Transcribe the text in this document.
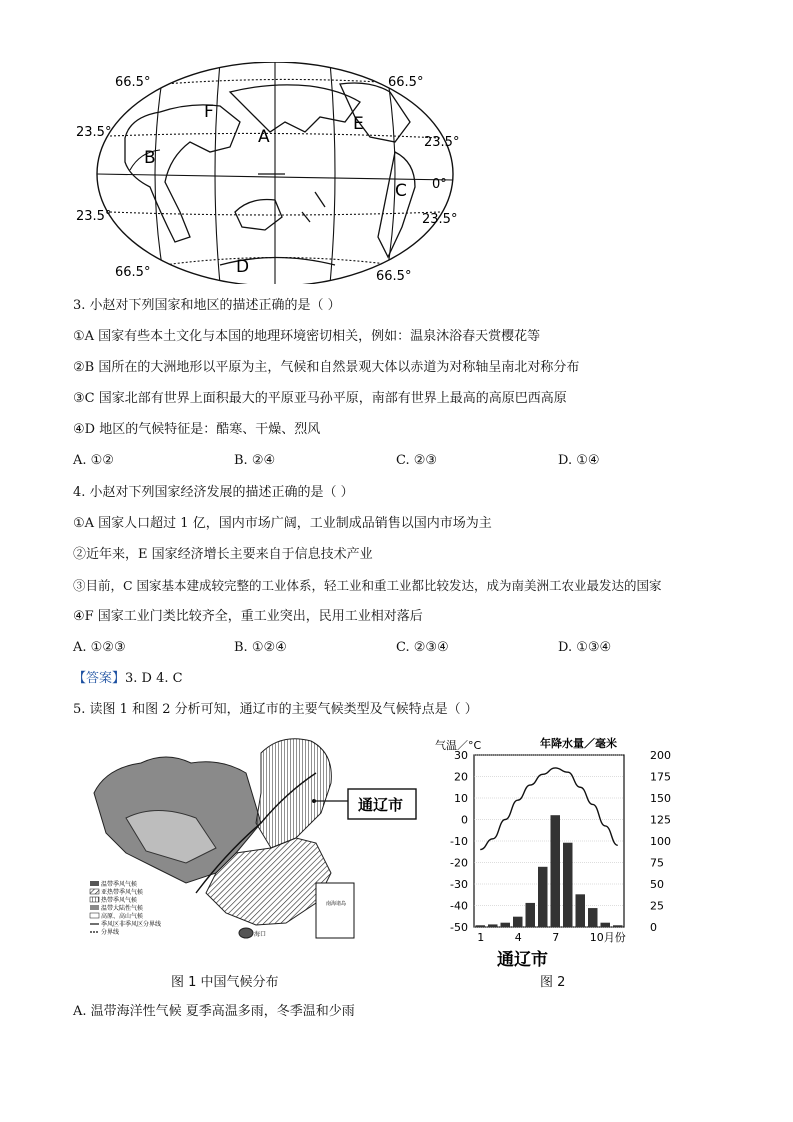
66.5°	66.5°
23.5°
23.5°
0°
23.5°	23.5°
66.5°	66.5°
A
B
C
D
E
F
3. 小赵对下列国家和地区的描述正确的是（ ）
①A 国家有些本土文化与本国的地理环境密切相关，例如：温泉沐浴春天赏樱花等
②B 国所在的大洲地形以平原为主，气候和自然景观大体以赤道为对称轴呈南北对称分布
③C 国家北部有世界上面积最大的平原亚马孙平原，南部有世界上最高的高原巴西高原
④D 地区的气候特征是：酷寒、干燥、烈风
A. ①②	B. ②④	C. ②③	D. ①④
4. 小赵对下列国家经济发展的描述正确的是（ ）
①A 国家人口超过 1 亿，国内市场广阔，工业制成品销售以国内市场为主
②近年来，E 国家经济增长主要来自于信息技术产业
③目前，C 国家基本建成较完整的工业体系，轻工业和重工业都比较发达，成为南美洲工农业最发达的国家
④F 国家工业门类比较齐全，重工业突出，民用工业相对落后
A. ①②③	B. ①②④	C. ②③④	D. ①③④
【答案】3. D 4. C
5. 读图 1 和图 2 分析可知，通辽市的主要气候类型及气候特点是（ ）
通辽市
海口
南海诸岛
温带季风气候
亚热带季风气候
热带季风气候
温带大陆性气候
高原、高山气候
季风区非季风区分界线
分界线
气温／°C	年降水量／毫米
30	200
20	175
10	150
0	125
-10	100
-20	75
-30	50
-40	25
-50	0
1	4	7	10月份
通辽市
图 1 中国气候分布	图 2
A. 温带海洋性气候 夏季高温多雨，冬季温和少雨
